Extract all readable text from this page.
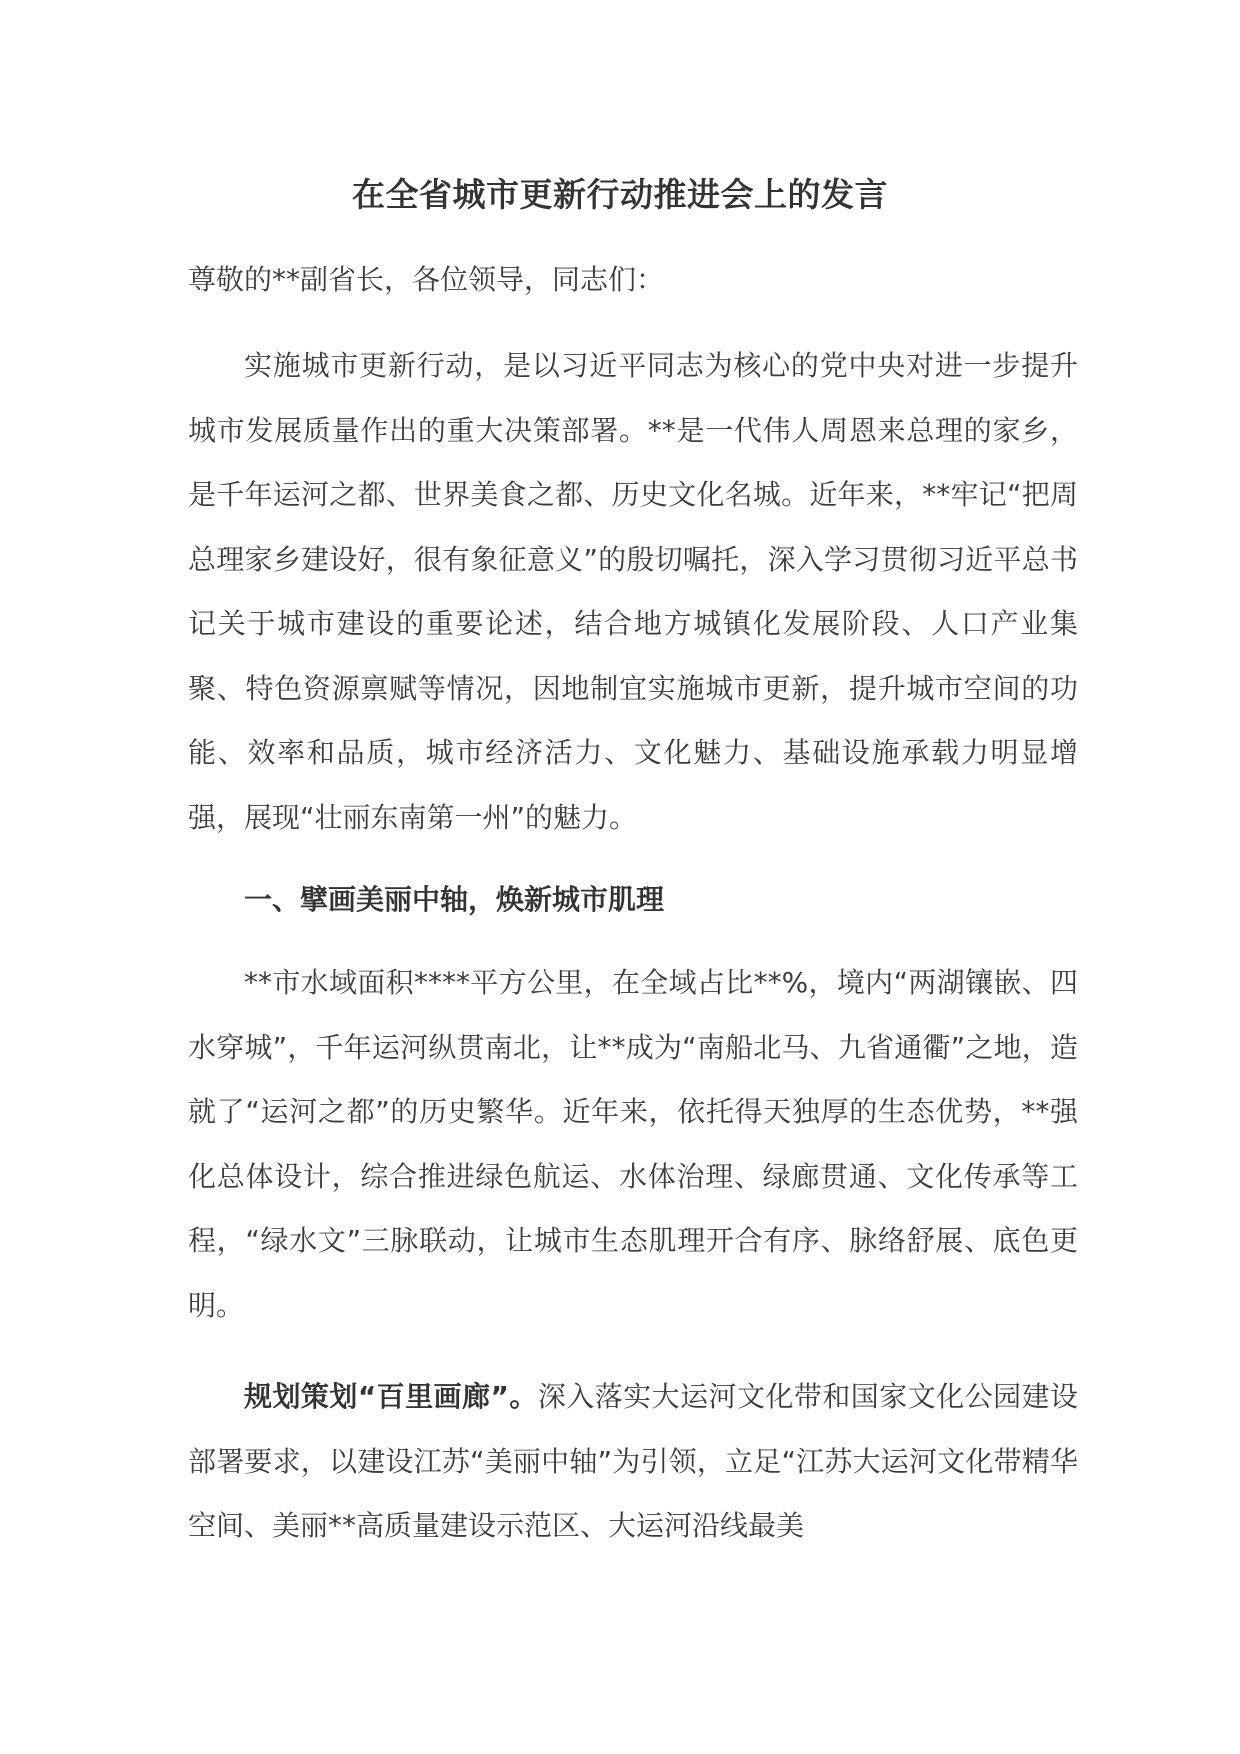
在全省城市更新行动推进会上的发言
尊敬的**副省长，各位领导，同志们：

实施城市更新行动，是以习近平同志为核心的党中央对进一步提升城市发展质量作出的重大决策部署。**是一代伟人周恩来总理的家乡，是千年运河之都、世界美食之都、历史文化名城。近年来，**牢记“把周总理家乡建设好，很有象征意义”的殷切嘱托，深入学习贯彻习近平总书记关于城市建设的重要论述，结合地方城镇化发展阶段、人口产业集聚、特色资源禀赋等情况，因地制宜实施城市更新，提升城市空间的功能、效率和品质，城市经济活力、文化魅力、基础设施承载力明显增强，展现“壮丽东南第一州”的魅力。

一、擘画美丽中轴，焕新城市肌理

**市水域面积****平方公里，在全域占比**%，境内“两湖镶嵌、四水穿城”，千年运河纵贯南北，让**成为“南船北马、九省通衢”之地，造就了“运河之都”的历史繁华。近年来，依托得天独厚的生态优势，**强化总体设计，综合推进绿色航运、水体治理、绿廊贯通、文化传承等工程，“绿水文”三脉联动，让城市生态肌理开合有序、脉络舒展、底色更明。

规划策划“百里画廊”。深入落实大运河文化带和国家文化公园建设部署要求，以建设江苏“美丽中轴”为引领，立足“江苏大运河文化带精华空间、美丽**高质量建设示范区、大运河沿线最美
